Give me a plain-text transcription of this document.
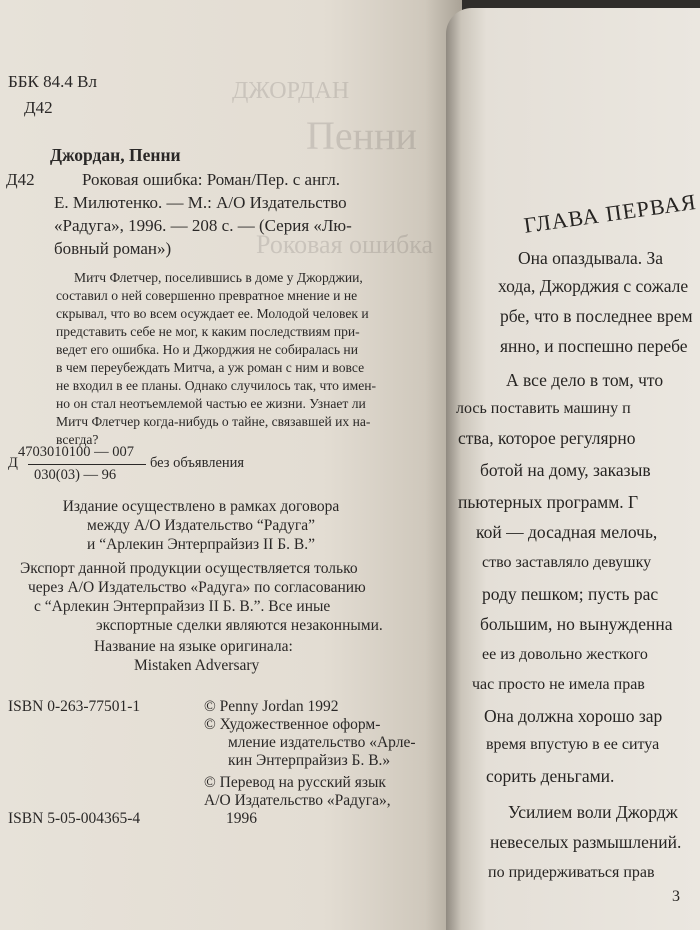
ДЖОРДАН

Пенни

Роковая ошибка

ББК 84.4 Вл

Д42

Джордан, Пенни

Д42	Роковая ошибка: Роман/Пер. с англ.

Е. Милютенко. — М.: А/О Издательство

«Радуга», 1996. — 208 с. — (Серия «Лю-

бовный роман»)

Митч Флетчер, поселившись в доме у Джорджии,

составил о ней совершенно превратное мнение и не

скрывал, что во всем осуждает ее. Молодой человек и

представить себе не мог, к каким последствиям при-

ведет его ошибка. Но и Джорджия не собиралась ни

в чем переубеждать Митча, а уж роман с ним и вовсе

не входил в ее планы. Однако случилось так, что имен-

но он стал неотъемлемой частью ее жизни. Узнает ли

Митч Флетчер когда-нибудь о тайне, связавшей их на-

всегда?

4703010100 — 007
Д
030(03) — 96
без объявления

Издание осуществлено в рамках договора

между А/О Издательство “Радуга”

и “Арлекин Энтерпрайзиз II Б. В.”

Экспорт данной продукции осуществляется только

через А/О Издательство «Радуга» по согласованию

с “Арлекин Энтерпрайзиз II Б. В.”. Все иные

экспортные сделки являются незаконными.

Название на языке оригинала:

Mistaken Adversary

ISBN 0-263-77501-1

ISBN 5-05-004365-4

© Penny Jordan 1992

© Художественное оформ-

мление издательство «Арле-

кин Энтерпрайзиз Б. В.»

© Перевод на русский язык

А/О Издательство «Радуга»,

1996

ГЛАВА ПЕРВАЯ

Она опаздывала. За

хода, Джорджия с сожале

рбе, что в последнее врем

янно, и поспешно перебе

А все дело в том, что

лось поставить машину п

ства, которое регулярно

ботой на дому, заказыв

пьютерных программ. Г

кой — досадная мелочь,

ство заставляло девушку

роду пешком; пусть рас

большим, но вынужденна

ее из довольно жесткого

час просто не имела прав

Она должна хорошо зар

время впустую в ее ситуа

сорить деньгами.

Усилием воли Джордж

невеселых размышлений.

по придерживаться прав

3
